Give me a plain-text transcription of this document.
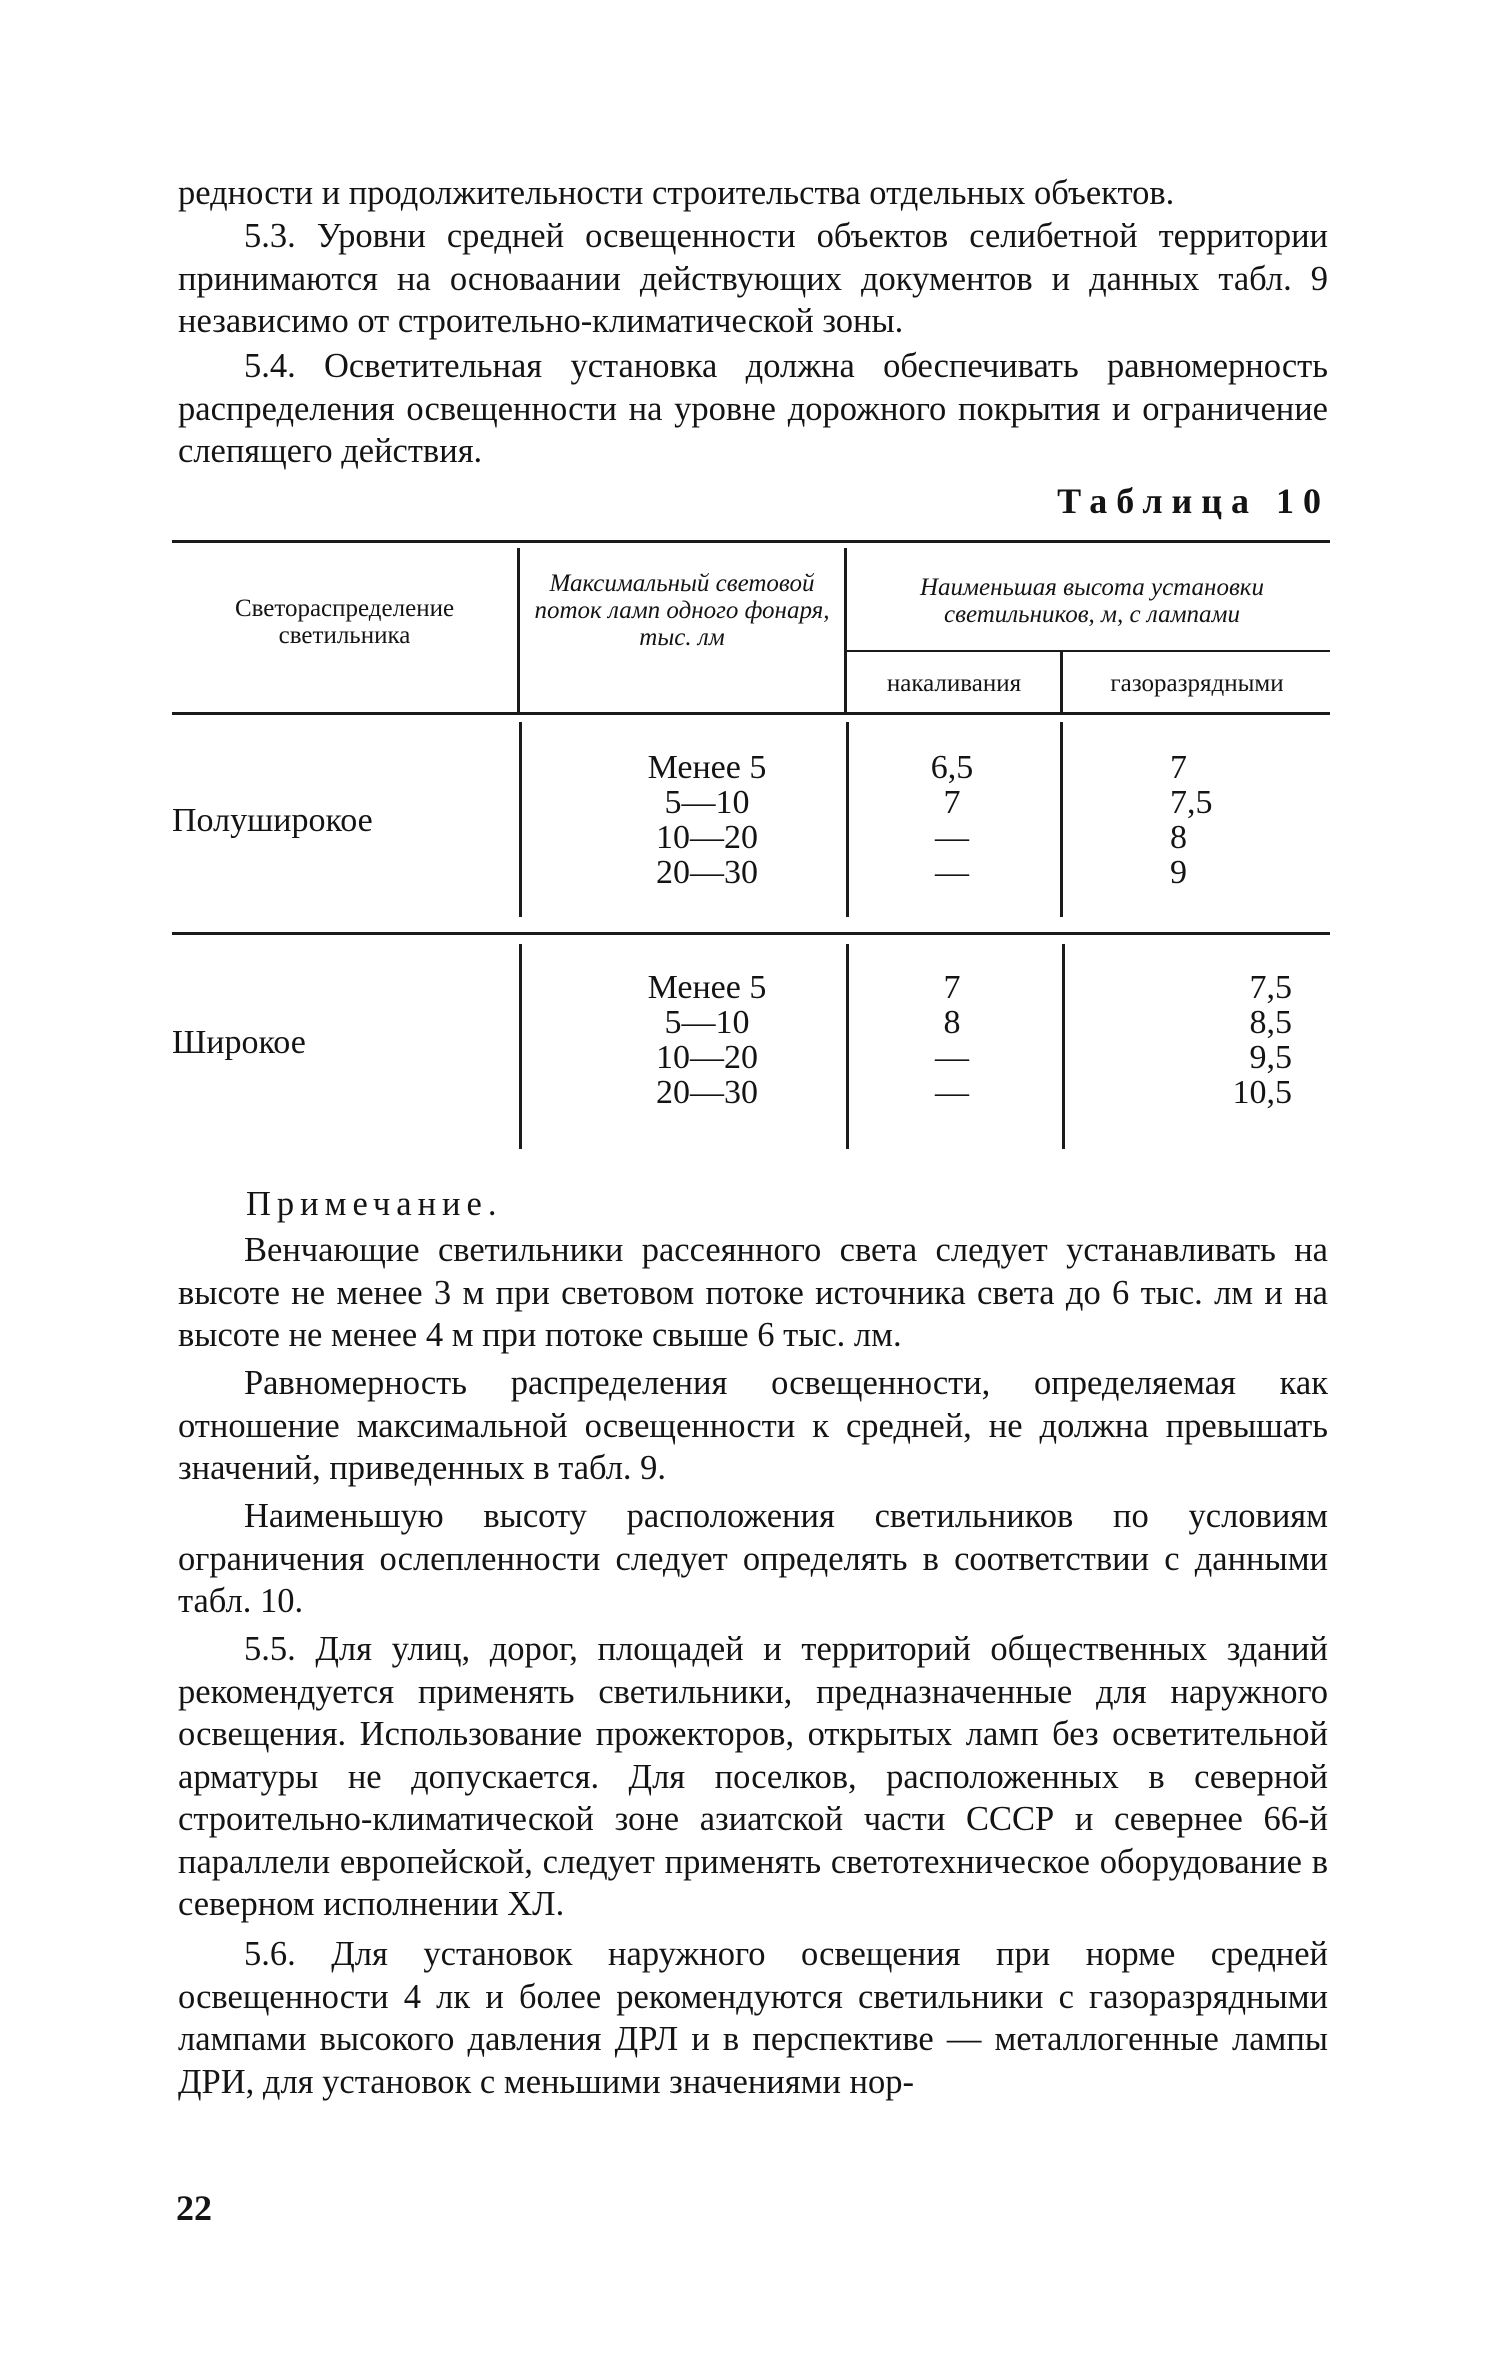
редности и продолжительности строительства отдельных объектов.

5.3. Уровни средней освещенности объектов селибетной территории принимаются на основаании действующих документов и данных табл. 9 независимо от строительно-климатической зоны.

5.4. Осветительная установка должна обеспечивать равномерность распределения освещенности на уровне дорожного покрытия и ограничение слепящего действия.

Таблица 10
Светораспределение светильника
Максимальный световой поток ламп одного фонаря, тыс. лм
Наименьшая высота установки светильников, м, с лампами
накаливания	газоразрядными
Полуширокое
Менее 5
5—10
10—20
20—30
6,5
7
—
—
7
7,5
8
9
Широкое
Менее 5
5—10
10—20
20—30
7
8
—
—
7,5
8,5
9,5
10,5

Примечание.

Венчающие светильники рассеянного света следует устанавливать на высоте не менее 3 м при световом потоке источника света до 6 тыс. лм и на высоте не менее 4 м при потоке свыше 6 тыс. лм.

Равномерность распределения освещенности, определяемая как отношение максимальной освещенности к средней, не должна превышать значений, приведенных в табл. 9.

Наименьшую высоту расположения светильников по условиям ограничения ослепленности следует определять в соответствии с данными табл. 10.

5.5. Для улиц, дорог, площадей и территорий общественных зданий рекомендуется применять светильники, предназначенные для наружного освещения. Использование прожекторов, открытых ламп без осветительной арматуры не допускается. Для поселков, расположенных в северной строительно-климатической зоне азиатской части СССР и севернее 66-й параллели европейской, следует применять светотехническое оборудование в северном исполнении ХЛ.

5.6. Для установок наружного освещения при норме средней освещенности 4 лк и более рекомендуются светильники с газоразрядными лампами высокого давления ДРЛ и в перспективе — металлогенные лампы ДРИ, для установок с меньшими значениями нор-

22
